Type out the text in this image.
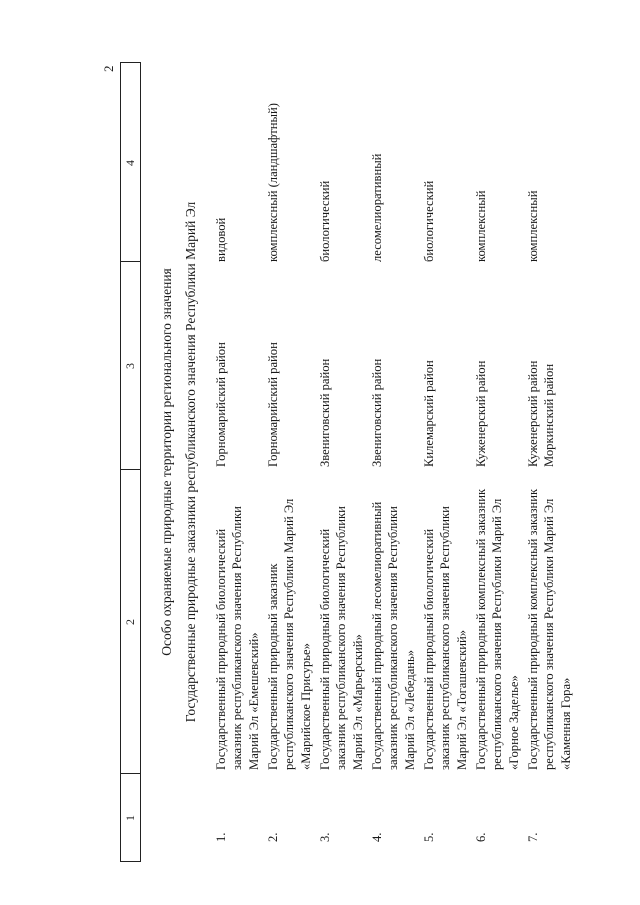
2
1
2
3
4
Особо охраняемые природные территории регионального значения Государственные природные заказники республиканского значения Республики Марий Эл
1.
Государственный природный биологический заказник республиканского значения Республики Марий Эл «Емешевский»
Горномарийский район
видовой
2.
Государственный природный заказник республиканского значения Республики Марий Эл «Марийское Присурье»
Горномарийский район
комплексный (ландшафтный)
3.
Государственный природный биологический заказник республиканского значения Республики Марий Эл «Марьерский»
Звениговский район
биологический
4.
Государственный природный лесомелиоративный заказник республиканского значения Республики Марий Эл «Лебедань»
Звениговский район
лесомелиоративный
5.
Государственный природный биологический заказник республиканского значения Республики Марий Эл «Тогашевский»
Килемарский район
биологический
6.
Государственный природный комплексный заказник республиканского значения Республики Марий Эл «Горное Заделье»
Куженерский район
комплексный
7.
Государственный природный комплексный заказник республиканского значения Республики Марий Эл «Каменная Гора»
Куженерский район Моркинский район
комплексный
